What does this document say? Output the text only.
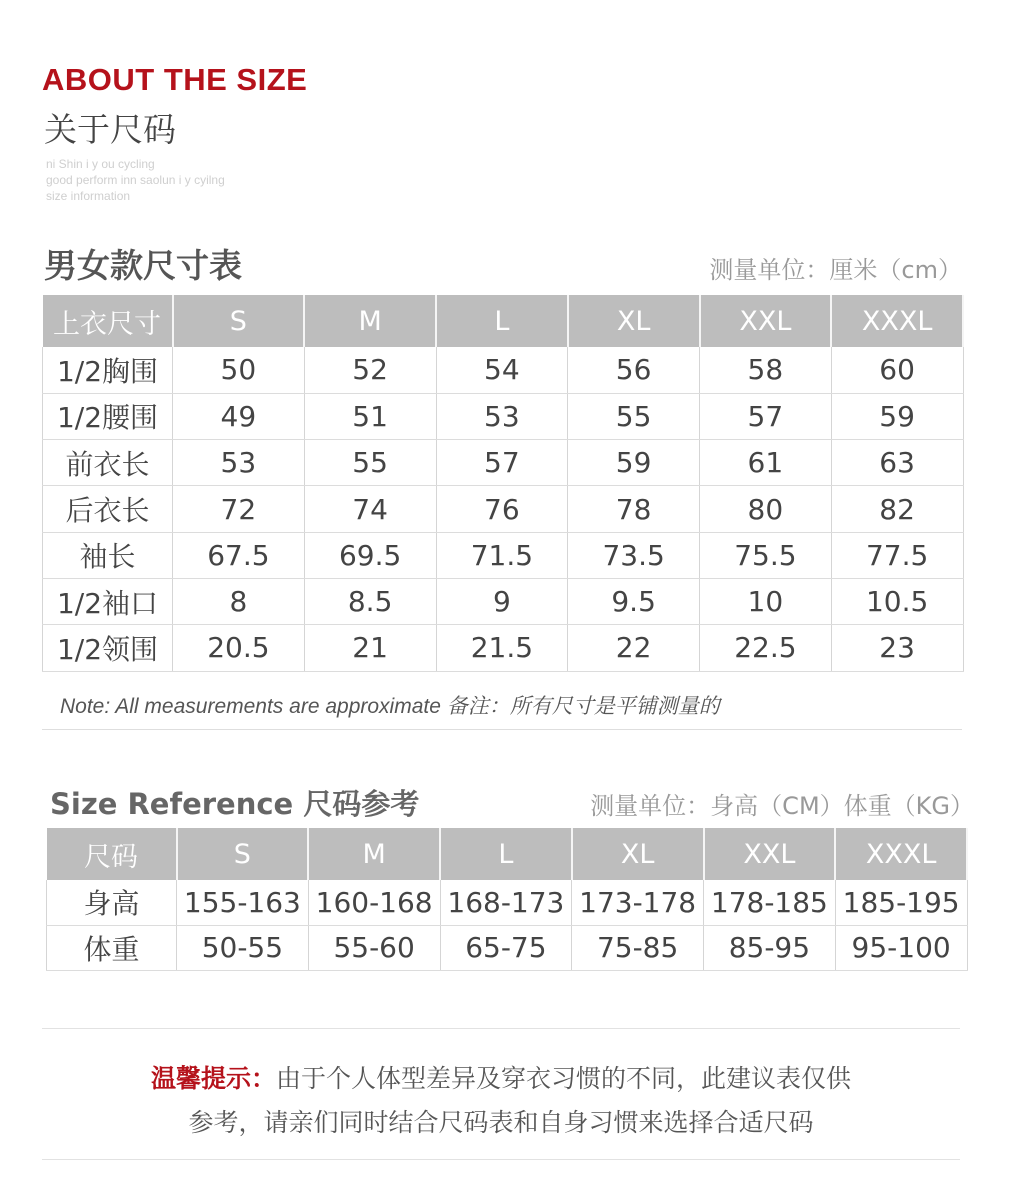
ABOUT THE SIZE
关于尺码
ni Shin i y ou cycling
good perform inn saolun i y cyilng
size information
男女款尺寸表	测量单位：厘米（cm）
上衣尺寸	S	M	L	XL	XXL	XXXL
1/2胸围	50	52	54	56	58	60
1/2腰围	49	51	53	55	57	59
前衣长	53	55	57	59	61	63
后衣长	72	74	76	78	80	82
袖长	67.5	69.5	71.5	73.5	75.5	77.5
1/2袖口	8	8.5	9	9.5	10	10.5
1/2领围	20.5	21	21.5	22	22.5	23
Note: All measurements are approximate 备注：所有尺寸是平铺测量的
Size Reference 尺码参考	测量单位：身高（CM）体重（KG）
尺码	S	M	L	XL	XXL	XXXL
身高	155-163	160-168	168-173	173-178	178-185	185-195
体重	50-55	55-60	65-75	75-85	85-95	95-100
温馨提示：由于个人体型差异及穿衣习惯的不同，此建议表仅供
参考，请亲们同时结合尺码表和自身习惯来选择合适尺码
